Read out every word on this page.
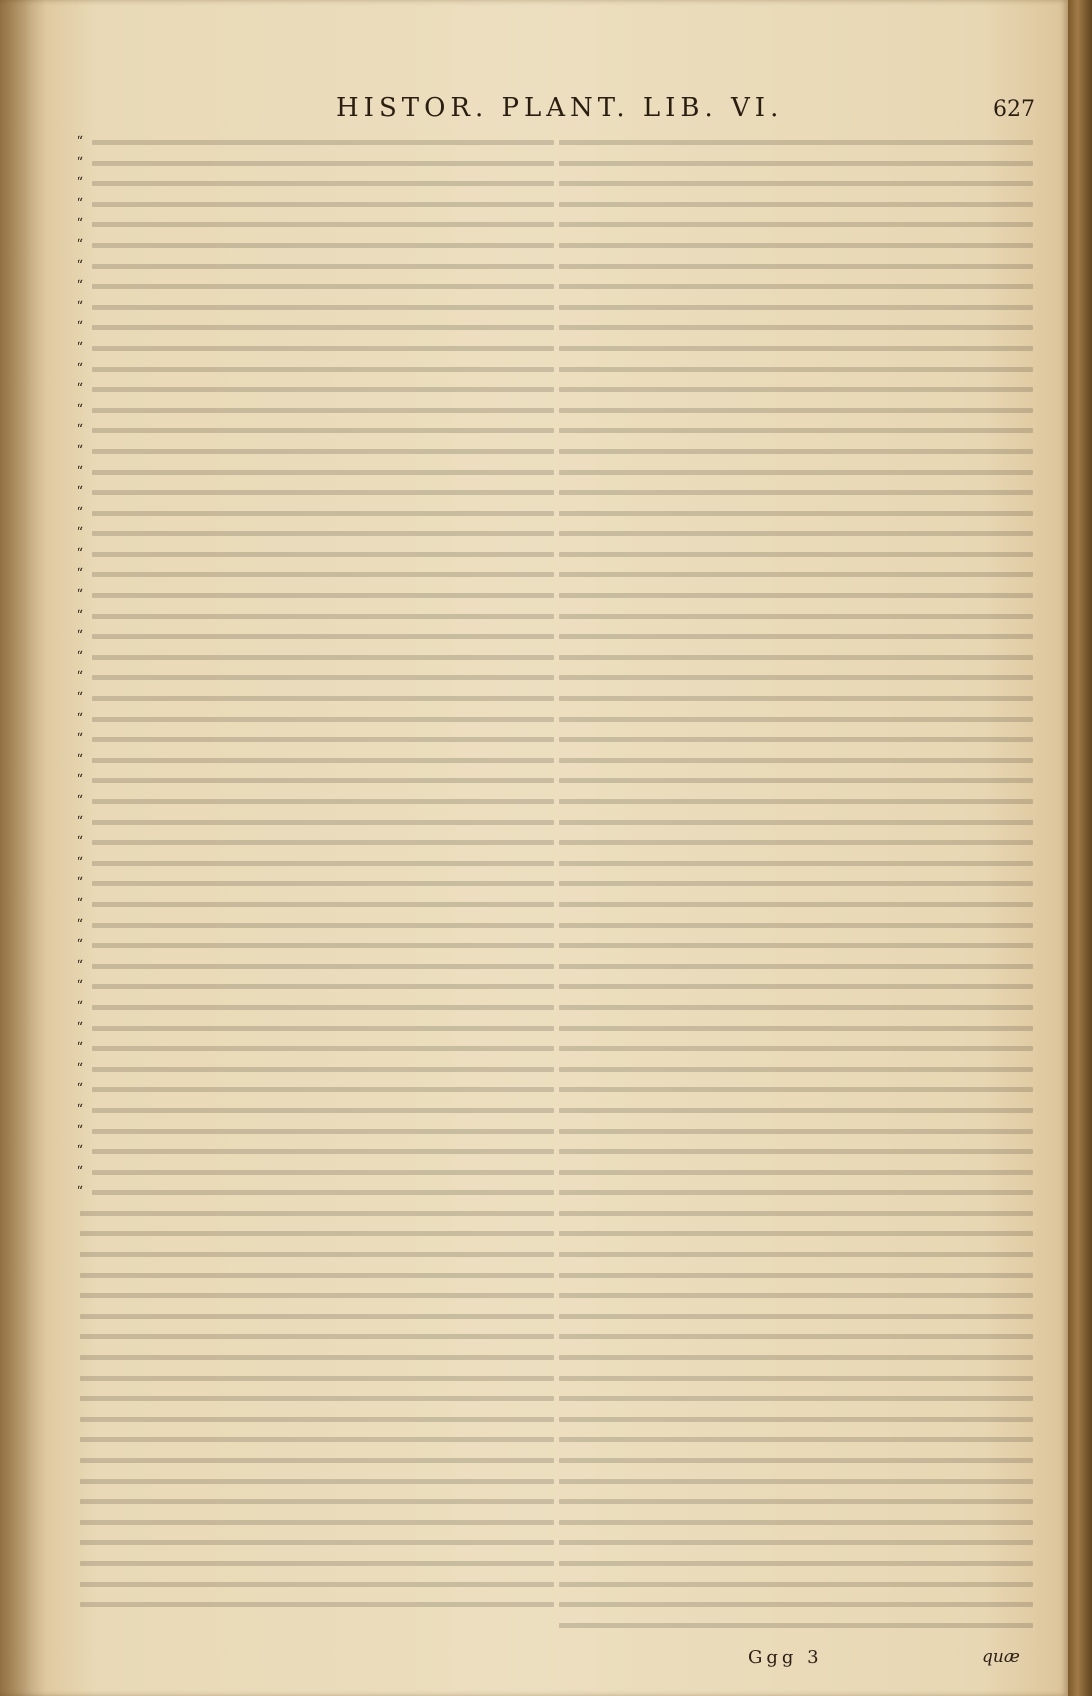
HISTOR. PLANT. LIB. VI.	627
“
“
“
“
“
“
“
“
“
“
“
“
“
“
“
“
“
“
“
“
“
“
“
“
“
“
“
“
“
“
“
“
“
“
“
“
“
“
“
“
“
“
“
“
“
“
“
“
“
“
“
“
Ggg 3	quæ
